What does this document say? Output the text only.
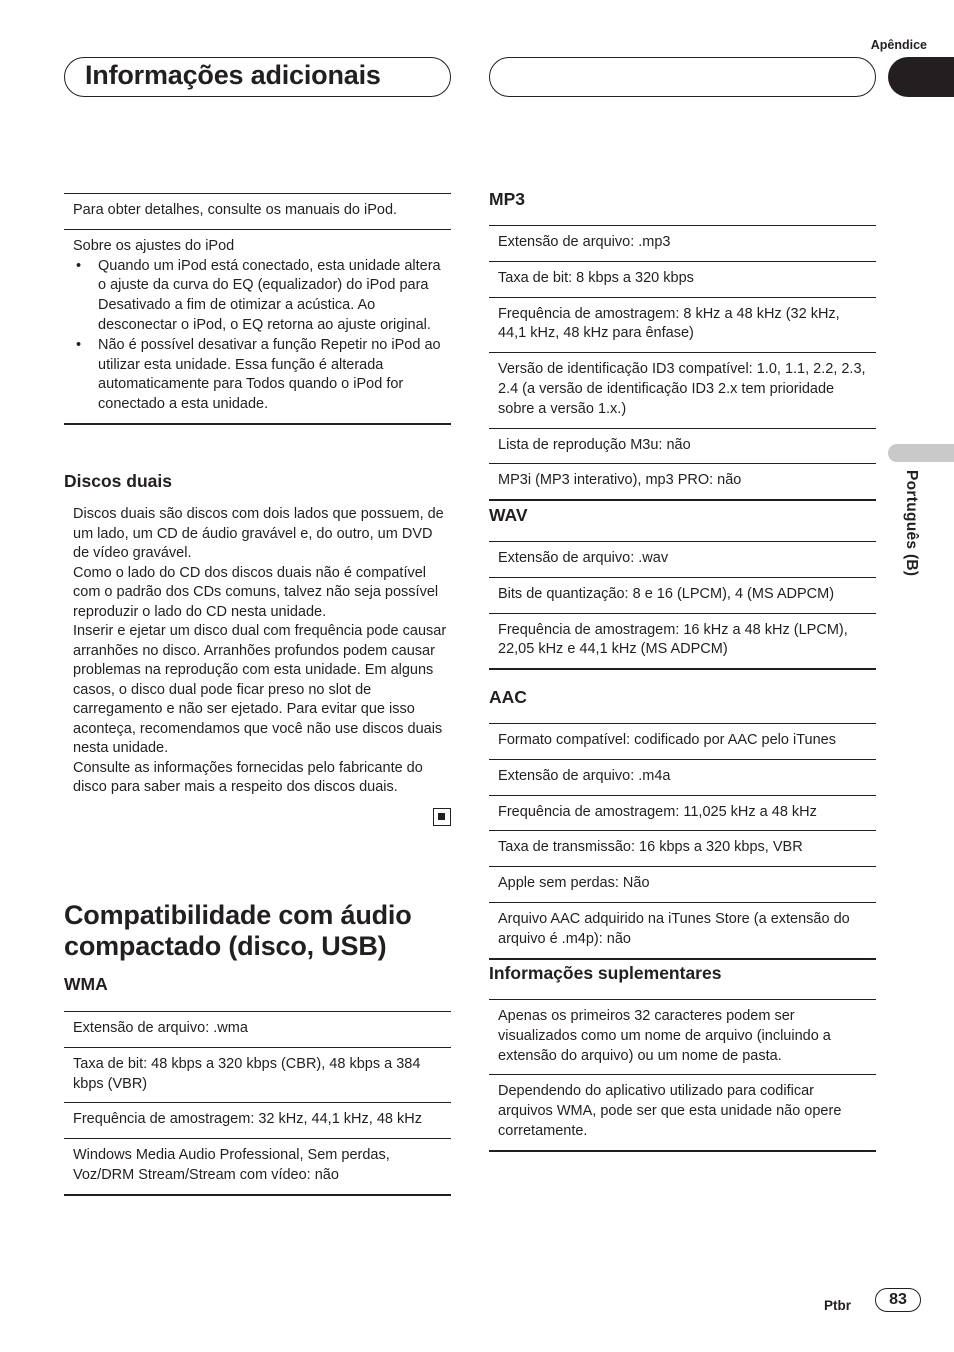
Apêndice
Informações adicionais
Português (B)
Para obter detalhes, consulte os manuais do iPod.
Sobre os ajustes do iPod
• Quando um iPod está conectado, esta unidade altera o ajuste da curva do EQ (equalizador) do iPod para Desativado a fim de otimizar a acústica. Ao desconectar o iPod, o EQ retorna ao ajuste original.
• Não é possível desativar a função Repetir no iPod ao utilizar esta unidade. Essa função é alterada automaticamente para Todos quando o iPod for conectado a esta unidade.
Discos duais

Discos duais são discos com dois lados que possuem, de um lado, um CD de áudio gravável e, do outro, um DVD de vídeo gravável.

Como o lado do CD dos discos duais não é compatível com o padrão dos CDs comuns, talvez não seja possível reproduzir o lado do CD nesta unidade.

Inserir e ejetar um disco dual com frequência pode causar arranhões no disco. Arranhões profundos podem causar problemas na reprodução com esta unidade. Em alguns casos, o disco dual pode ficar preso no slot de carregamento e não ser ejetado. Para evitar que isso aconteça, recomendamos que você não use discos duais nesta unidade.

Consulte as informações fornecidas pelo fabricante do disco para saber mais a respeito dos discos duais.

Compatibilidade com áudio
compactado (disco, USB)
WMA
Extensão de arquivo: .wma
Taxa de bit: 48 kbps a 320 kbps (CBR), 48 kbps a 384 kbps (VBR)
Frequência de amostragem: 32 kHz, 44,1 kHz, 48 kHz
Windows Media Audio Professional, Sem perdas, Voz/DRM Stream/Stream com vídeo: não
MP3
Extensão de arquivo: .mp3
Taxa de bit: 8 kbps a 320 kbps
Frequência de amostragem: 8 kHz a 48 kHz (32 kHz, 44,1 kHz, 48 kHz para ênfase)
Versão de identificação ID3 compatível: 1.0, 1.1, 2.2, 2.3, 2.4 (a versão de identificação ID3 2.x tem prioridade sobre a versão 1.x.)
Lista de reprodução M3u: não
MP3i (MP3 interativo), mp3 PRO: não
WAV
Extensão de arquivo: .wav
Bits de quantização: 8 e 16 (LPCM), 4 (MS ADPCM)
Frequência de amostragem: 16 kHz a 48 kHz (LPCM), 22,05 kHz e 44,1 kHz (MS ADPCM)
AAC
Formato compatível: codificado por AAC pelo iTunes
Extensão de arquivo: .m4a
Frequência de amostragem: 11,025 kHz a 48 kHz
Taxa de transmissão: 16 kbps a 320 kbps, VBR
Apple sem perdas: Não
Arquivo AAC adquirido na iTunes Store (a extensão do arquivo é .m4p): não
Informações suplementares
Apenas os primeiros 32 caracteres podem ser visualizados como um nome de arquivo (incluindo a extensão do arquivo) ou um nome de pasta.
Dependendo do aplicativo utilizado para codificar arquivos WMA, pode ser que esta unidade não opere corretamente.
Ptbr	83
